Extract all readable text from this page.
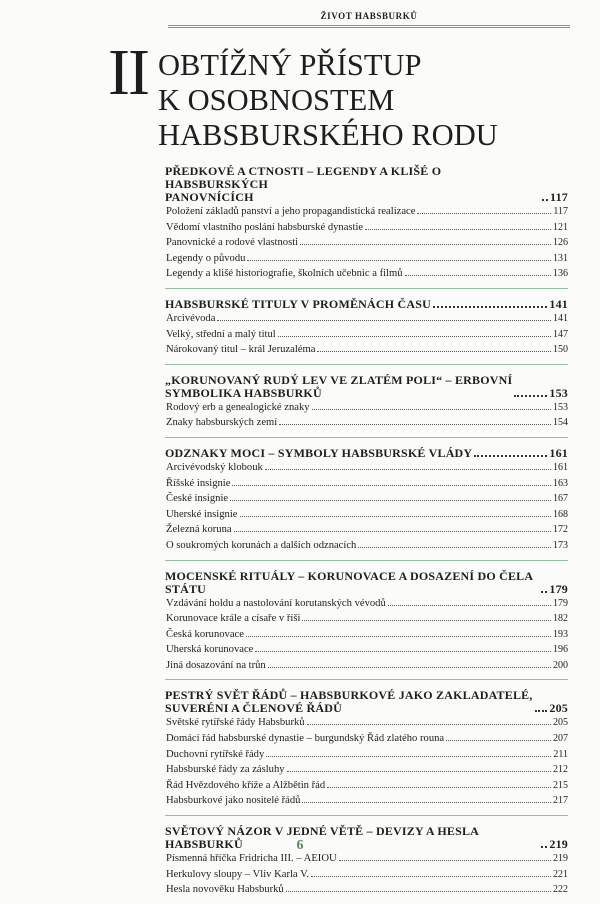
ŽIVOT HABSBURKŮ
II OBTÍŽNÝ PŘÍSTUP
K OSOBNOSTEM
HABSBURSKÉHO RODU
PŘEDKOVÉ A CTNOSTI – LEGENDY A KLIŠÉ O HABSBURSKÝCH
PANOVNÍCÍCH	117
Položení základů panství a jeho propagandistická realizace	117
Vědomí vlastního poslání habsburské dynastie	121
Panovnické a rodové vlastnosti	126
Legendy o původu	131
Legendy a klišé historiografie, školních učebnic a filmů	136
HABSBURSKÉ TITULY V PROMĚNÁCH ČASU	141
Arcivévoda	141
Velký, střední a malý titul	147
Nárokovaný titul – král Jeruzaléma	150
„KORUNOVANÝ RUDÝ LEV VE ZLATÉM POLI“ – ERBOVNÍ
SYMBOLIKA HABSBURKŮ	153
Rodový erb a genealogické znaky	153
Znaky habsburských zemí	154
ODZNAKY MOCI – SYMBOLY HABSBURSKÉ VLÁDY	161
Arcivévodský klobouk	161
Říšské insignie	163
České insignie	167
Uherské insignie	168
Železná koruna	172
O soukromých korunách a dalších odznacích	173
MOCENSKÉ RITUÁLY – KORUNOVACE A DOSAZENÍ DO ČELA STÁTU	179
Vzdávání holdu a nastolování korutanských vévodů	179
Korunovace krále a císaře v říši	182
Česká korunovace	193
Uherská korunovace	196
Jiná dosazování na trůn	200
PESTRÝ SVĚT ŘÁDŮ – HABSBURKOVÉ JAKO ZAKLADATELÉ,
SUVERÉNI A ČLENOVÉ ŘÁDŮ	205
Světské rytířské řády Habsburků	205
Domácí řád habsburské dynastie – burgundský Řád zlatého rouna	207
Duchovní rytířské řády	211
Habsburské řády za zásluhy	212
Řád Hvězdového kříže a Alžbětin řád	215
Habsburkové jako nositelé řádů	217
SVĚTOVÝ NÁZOR V JEDNÉ VĚTĚ – DEVIZY A HESLA HABSBURKŮ	219
Písmenná hříčka Fridricha III. – AEIOU	219
Herkulovy sloupy – Vliv Karla V.	221
Hesla novověku Habsburků	222
6
